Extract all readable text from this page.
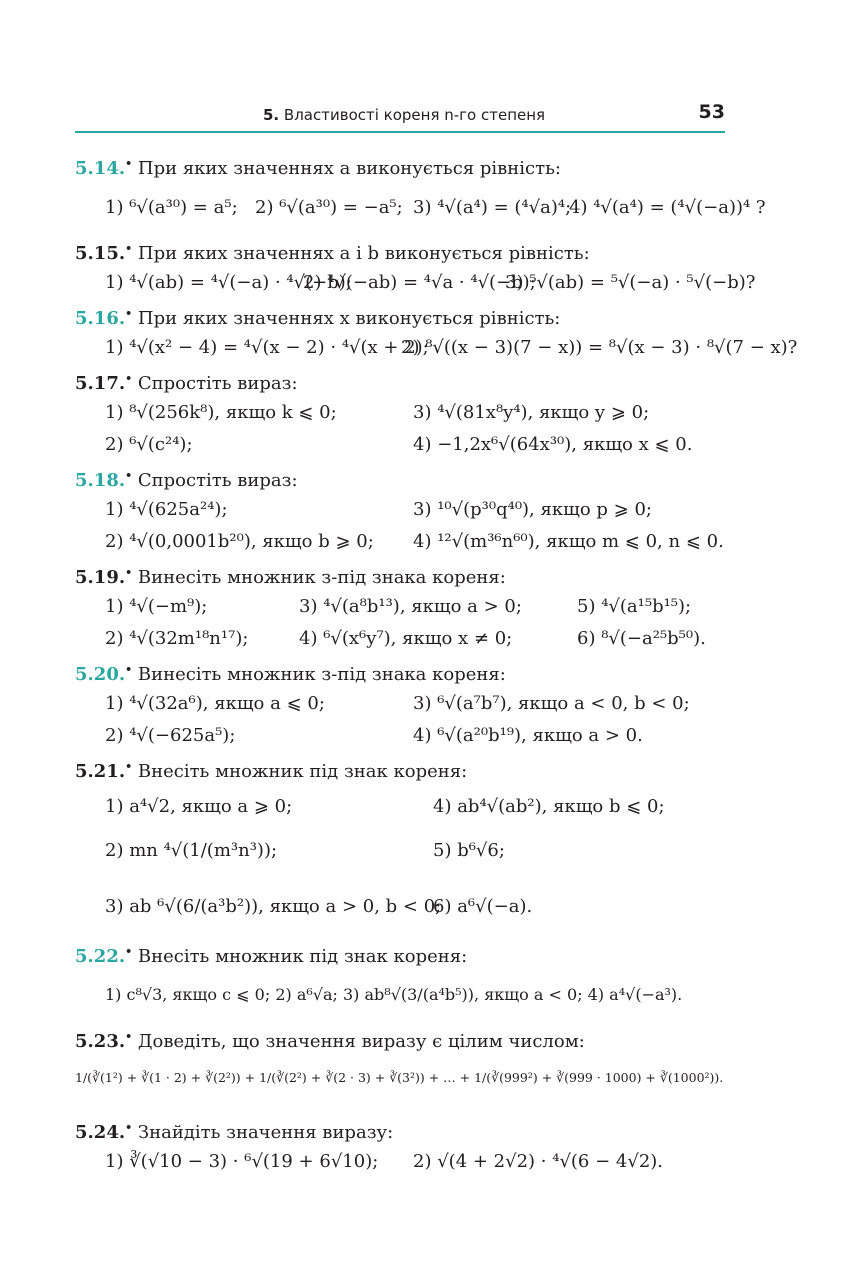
5. Властивості кореня n-го степеня	53
5.14.• При яких значеннях a виконується рівність:
1) ⁶√(a³⁰) = a⁵; 2) ⁶√(a³⁰) = −a⁵; 3) ⁴√(a⁴) = (⁴√a)⁴;
4) ⁴√(a⁴) = (⁴√(−a))⁴ ?
5.15.• При яких значеннях a і b виконується рівність:
1) ⁴√(ab) = ⁴√(−a) · ⁴√(−b);
2) ⁴√(−ab) = ⁴√a · ⁴√(−b);
3) ⁵√(ab) = ⁵√(−a) · ⁵√(−b)?
5.16.• При яких значеннях x виконується рівність:
1) ⁴√(x² − 4) = ⁴√(x − 2) · ⁴√(x + 2);
2) ⁸√((x − 3)(7 − x)) = ⁸√(x − 3) · ⁸√(7 − x)?
5.17.• Спростіть вираз:
1) ⁸√(256k⁸), якщо k ⩽ 0;	3) ⁴√(81x⁸y⁴), якщо y ⩾ 0;
2) ⁶√(c²⁴);	4) −1,2x⁶√(64x³⁰), якщо x ⩽ 0.
5.18.• Спростіть вираз:
1) ⁴√(625a²⁴);	3) ¹⁰√(p³⁰q⁴⁰), якщо p ⩾ 0;
2) ⁴√(0,0001b²⁰), якщо b ⩾ 0; 4) ¹²√(m³⁶n⁶⁰), якщо m ⩽ 0, n ⩽ 0.
5.19.• Винесіть множник з-під знака кореня:
1) ⁴√(−m⁹);	3) ⁴√(a⁸b¹³), якщо a > 0;	5) ⁴√(a¹⁵b¹⁵);
2) ⁴√(32m¹⁸n¹⁷);	4) ⁶√(x⁶y⁷), якщо x ≠ 0;	6) ⁸√(−a²⁵b⁵⁰).
5.20.• Винесіть множник з-під знака кореня:
1) ⁴√(32a⁶), якщо a ⩽ 0;	3) ⁶√(a⁷b⁷), якщо a < 0, b < 0;
2) ⁴√(−625a⁵);	4) ⁶√(a²⁰b¹⁹), якщо a > 0.
5.21.• Внесіть множник під знак кореня:
1) a⁴√2, якщо a ⩾ 0;	4) ab⁴√(ab²), якщо b ⩽ 0;
2) mn ⁴√(1/(m³n³));	5) b⁶√6;
3) ab ⁶√(6/(a³b²)), якщо a > 0, b < 0;
6) a⁶√(−a).
5.22.• Внесіть множник під знак кореня:
1) c⁸√3, якщо c ⩽ 0; 2) a⁶√a; 3) ab⁸√(3/(a⁴b⁵)), якщо a < 0; 4) a⁴√(−a³).
5.23.• Доведіть, що значення виразу є цілим числом:
1/(∛(1²) + ∛(1 · 2) + ∛(2²)) + 1/(∛(2²) + ∛(2 · 3) + ∛(3²)) + … + 1/(∛(999²) + ∛(999 · 1000) + ∛(1000²)).
5.24.• Знайдіть значення виразу:
1) ∛(√10 − 3) · ⁶√(19 + 6√10); 2) √(4 + 2√2) · ⁴√(6 − 4√2).
